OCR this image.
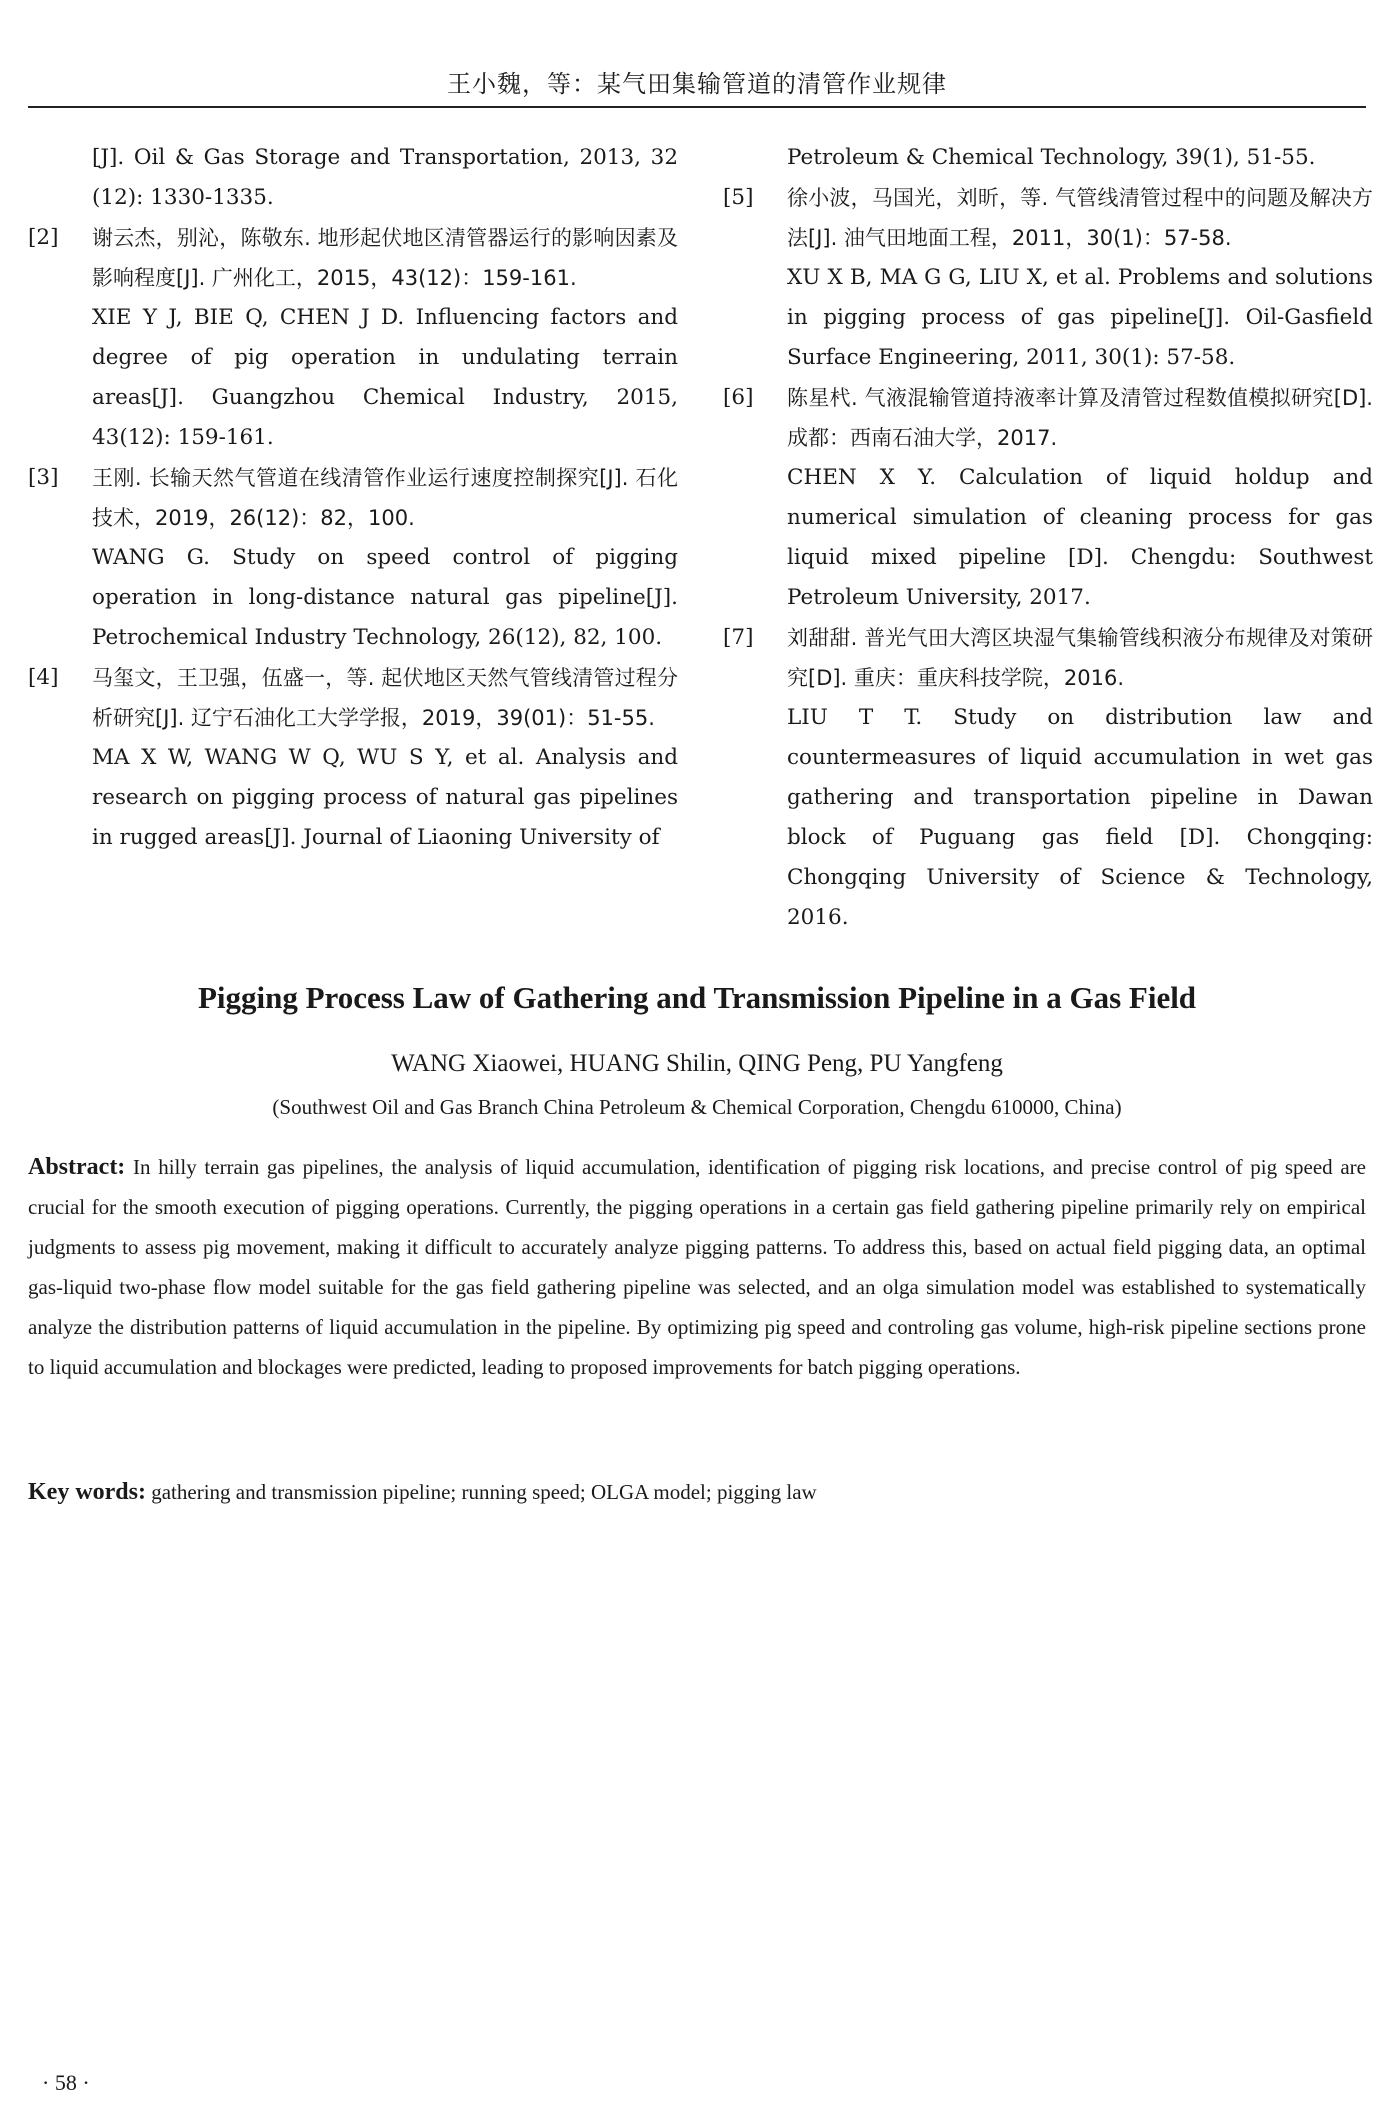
王小魏，等：某气田集输管道的清管作业规律

[J]. Oil & Gas Storage and Transportation, 2013, 32 (12): 1330-1335.

[2] 谢云杰，别沁，陈敬东. 地形起伏地区清管器运行的影响因素及影响程度[J]. 广州化工，2015，43(12)：159-161.

XIE Y J, BIE Q, CHEN J D. Influencing factors and degree of pig operation in undulating terrain areas[J]. Guangzhou Chemical Industry, 2015, 43(12): 159-161.

[3] 王刚. 长输天然气管道在线清管作业运行速度控制探究[J]. 石化技术，2019，26(12)：82，100.

WANG G. Study on speed control of pigging operation in long-distance natural gas pipeline[J]. Petrochemical Industry Technology, 26(12), 82, 100.

[4] 马玺文，王卫强，伍盛一，等. 起伏地区天然气管线清管过程分析研究[J]. 辽宁石油化工大学学报，2019，39(01)：51-55.

MA X W, WANG W Q, WU S Y, et al. Analysis and research on pigging process of natural gas pipelines in rugged areas[J]. Journal of Liaoning University of

Petroleum & Chemical Technology, 39(1), 51-55.

[5] 徐小波，马国光，刘昕，等. 气管线清管过程中的问题及解决方法[J]. 油气田地面工程，2011，30(1)：57-58.

XU X B, MA G G, LIU X, et al. Problems and solutions in pigging process of gas pipeline[J]. Oil-Gasfield Surface Engineering, 2011, 30(1): 57-58.

[6] 陈星杙. 气液混输管道持液率计算及清管过程数值模拟研究[D]. 成都：西南石油大学，2017.

CHEN X Y. Calculation of liquid holdup and numerical simulation of cleaning process for gas liquid mixed pipeline [D]. Chengdu: Southwest Petroleum University, 2017.

[7] 刘甜甜. 普光气田大湾区块湿气集输管线积液分布规律及对策研究[D]. 重庆：重庆科技学院，2016.

LIU T T. Study on distribution law and countermeasures of liquid accumulation in wet gas gathering and transportation pipeline in Dawan block of Puguang gas field [D]. Chongqing: Chongqing University of Science & Technology, 2016.

Pigging Process Law of Gathering and Transmission Pipeline in a Gas Field
WANG Xiaowei, HUANG Shilin, QING Peng, PU Yangfeng
(Southwest Oil and Gas Branch China Petroleum & Chemical Corporation, Chengdu 610000, China)
Abstract: In hilly terrain gas pipelines, the analysis of liquid accumulation, identification of pigging risk locations, and precise control of pig speed are crucial for the smooth execution of pigging operations. Currently, the pigging operations in a certain gas field gathering pipeline primarily rely on empirical judgments to assess pig movement, making it difficult to accurately analyze pigging patterns. To address this, based on actual field pigging data, an optimal gas-liquid two-phase flow model suitable for the gas field gathering pipeline was selected, and an olga simulation model was established to systematically analyze the distribution patterns of liquid accumulation in the pipeline. By optimizing pig speed and controling gas volume, high-risk pipeline sections prone to liquid accumulation and blockages were predicted, leading to proposed improvements for batch pigging operations.
Key words: gathering and transmission pipeline; running speed; OLGA model; pigging law
· 58 ·
